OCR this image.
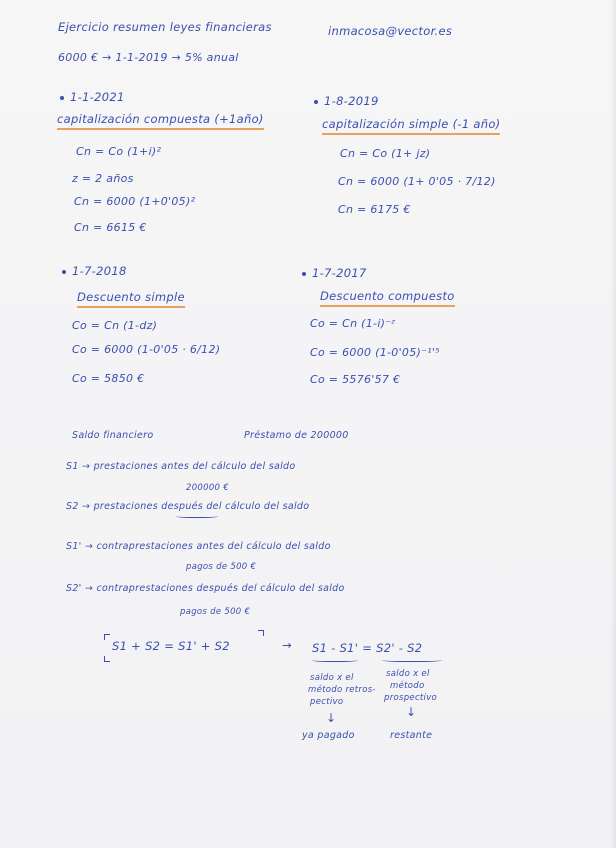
Ejercicio resumen leyes financieras	inmacosa@vector.es
6000 € → 1-1-2019 → 5% anual
1-1-2021
capitalización compuesta (+1año)
Cn = Co (1+i)²
z = 2 años
Cn = 6000 (1+0'05)²
Cn = 6615 €
1-8-2019
capitalización simple (-1 año)
Cn = Co (1+ jz)
Cn = 6000 (1+ 0'05 · 7/12)
Cn = 6175 €
1-7-2018
Descuento simple
Co = Cn (1-dz)
Co = 6000 (1-0'05 · 6/12)
Co = 5850 €
1-7-2017
Descuento compuesto
Co = Cn (1-i)⁻ᶻ
Co = 6000 (1-0'05)⁻¹'⁵
Co = 5576'57 €
Saldo financiero	Préstamo de 200000
S1 → prestaciones antes del cálculo del saldo
200000 €
S2 → prestaciones después del cálculo del saldo
S1' → contraprestaciones antes del cálculo del saldo
pagos de 500 €
S2' → contraprestaciones después del cálculo del saldo
pagos de 500 €
S1 + S2 = S1' + S2	→ S1 - S1' = S2' - S2
saldo x el
método retros-
pectivo
saldo x el
método
prospectivo
↓	↓
ya pagado	restante
